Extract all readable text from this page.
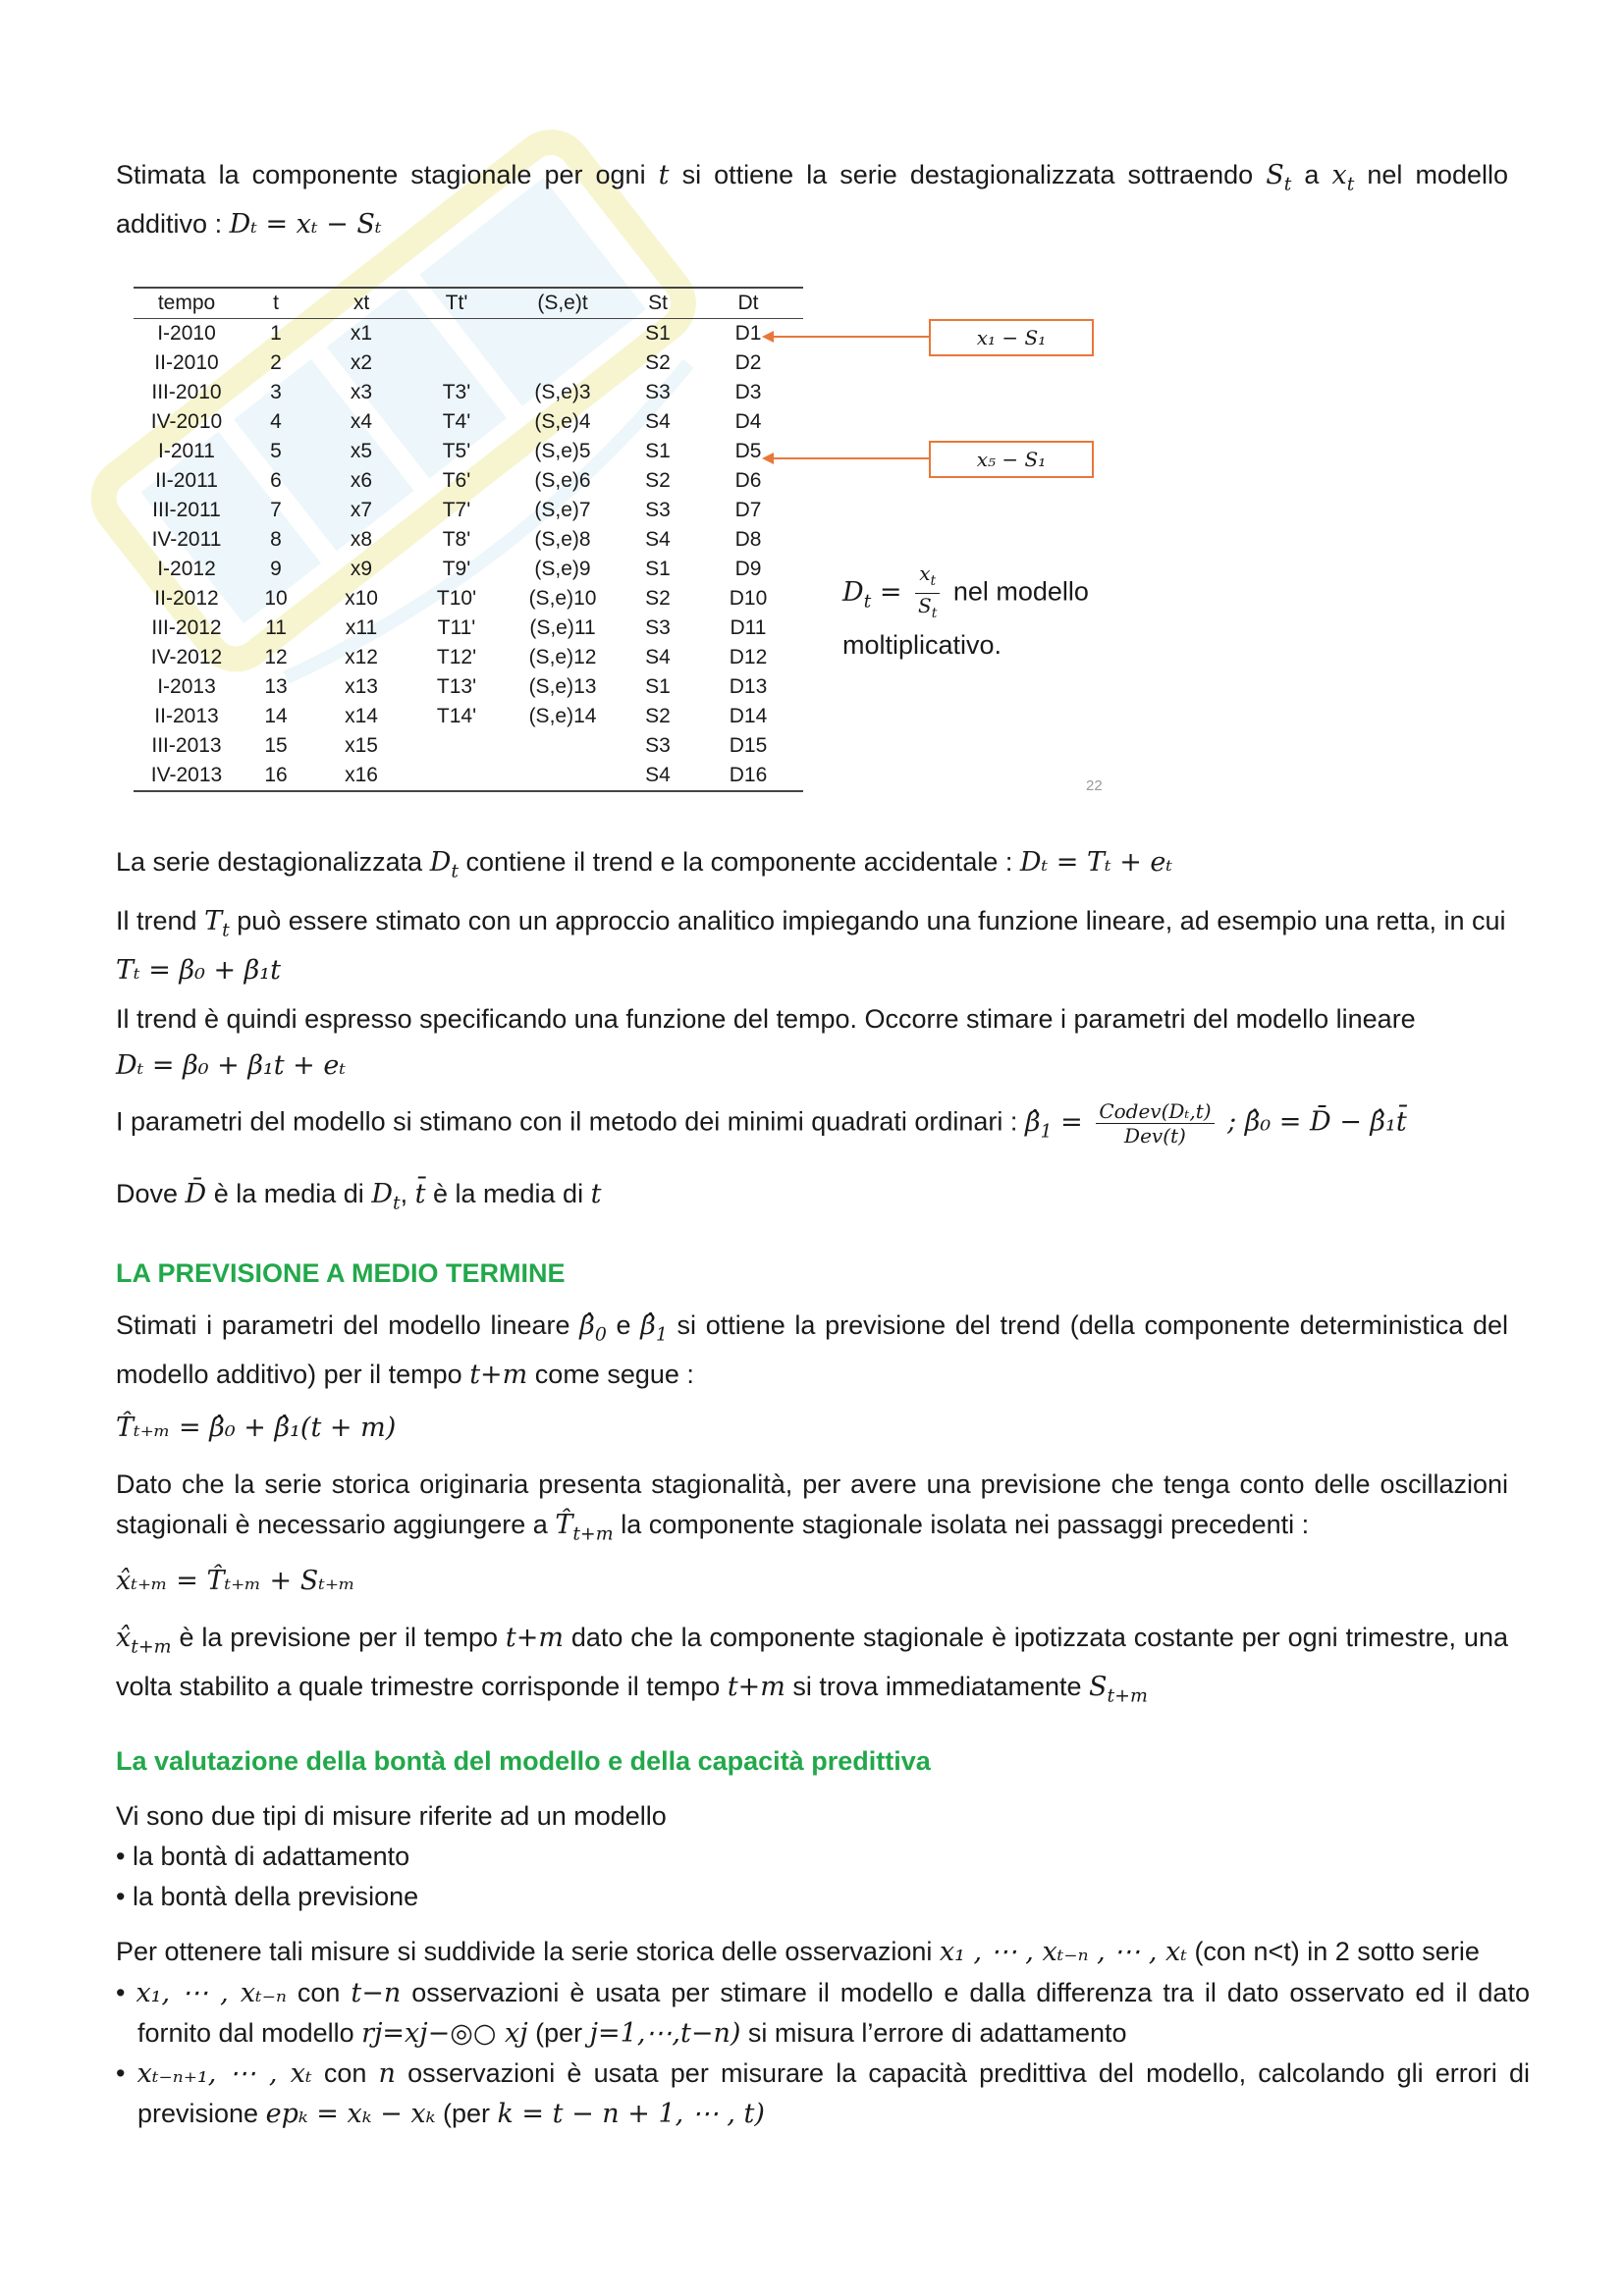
Stimata la componente stagionale per ogni t si ottiene la serie destagionalizzata sottraendo $S_t$ a $x_t$ nel modello additivo : Dₜ = xₜ − Sₜ
tempo	t	xt	Tt'	(S,e)t	St	Dt
I-2010	1	x1			S1	D1
II-2010	2	x2			S2	D2
III-2010	3	x3	T3'	(S,e)3	S3	D3
IV-2010	4	x4	T4'	(S,e)4	S4	D4
I-2011	5	x5	T5'	(S,e)5	S1	D5
II-2011	6	x6	T6'	(S,e)6	S2	D6
III-2011	7	x7	T7'	(S,e)7	S3	D7
IV-2011	8	x8	T8'	(S,e)8	S4	D8
I-2012	9	x9	T9'	(S,e)9	S1	D9
II-2012	10	x10	T10'	(S,e)10	S2	D10
III-2012	11	x11	T11'	(S,e)11	S3	D11
IV-2012	12	x12	T12'	(S,e)12	S4	D12
I-2013	13	x13	T13'	(S,e)13	S1	D13
II-2013	14	x14	T14'	(S,e)14	S2	D14
III-2013	15	x15			S3	D15
IV-2013	16	x16			S4	D16
x₁ − S₁
x₅ − S₁
$D_t = \frac{x_t}{S_t}$ nel modello
moltiplicativo.
22
La serie destagionalizzata $D_t$ contiene il trend e la componente accidentale : Dₜ = Tₜ + eₜ
Il trend $T_t$ può essere stimato con un approccio analitico impiegando una funzione lineare, ad esempio una retta, in cui Tₜ = β₀ + β₁t
Il trend è quindi espresso specificando una funzione del tempo. Occorre stimare i parametri del modello lineare
Dₜ = β₀ + β₁t + eₜ
I parametri del modello si stimano con il metodo dei minimi quadrati ordinari : $\betâ_1 = \frac{\text{Codev(Dₜ,t)}}{\text{Dev(t)}}$ ; β̂₀ = D̄ − β̂₁t̄
Dove D̄ è la media di $D_t$, t̄ è la media di t
LA PREVISIONE A MEDIO TERMINE
Stimati i parametri del modello lineare $\betâ_0$ e $\betâ_1$ si ottiene la previsione del trend (della componente deterministica del modello additivo) per il tempo t+m come segue :
T̂ₜ₊ₘ = β̂₀ + β̂₁(t + m)
Dato che la serie storica originaria presenta stagionalità, per avere una previsione che tenga conto delle oscillazioni stagionali è necessario aggiungere a $T̂_{t+m}$ la componente stagionale isolata nei passaggi precedenti :
x̂ₜ₊ₘ = T̂ₜ₊ₘ + Sₜ₊ₘ
$x̂_{t+m}$ è la previsione per il tempo t+m dato che la componente stagionale è ipotizzata costante per ogni trimestre, una volta stabilito a quale trimestre corrisponde il tempo t+m si trova immediatamente $S_{t+m}$
La valutazione della bontà del modello e della capacità predittiva
Vi sono due tipi di misure riferite ad un modello
• la bontà di adattamento
• la bontà della previsione
Per ottenere tali misure si suddivide la serie storica delle osservazioni x₁ , ⋯ , xₜ₋ₙ , ⋯ , xₜ (con n<t) in 2 sotto serie
• x₁, ⋯ , xₜ₋ₙ con t−n osservazioni è usata per stimare il modello e dalla differenza tra il dato osservato ed il dato fornito dal modello rj=xj−◎○ xj (per j=1,⋯,t−n) si misura l’errore di adattamento
• xₜ₋ₙ₊₁, ⋯ , xₜ con n osservazioni è usata per misurare la capacità predittiva del modello, calcolando gli errori di previsione epₖ = xₖ − xₖ (per k = t − n + 1, ⋯ , t)
